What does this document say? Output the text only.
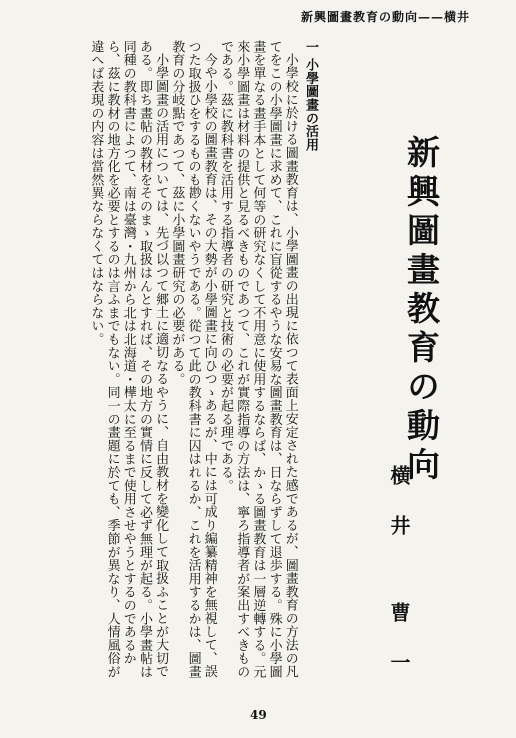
新興圖畫教育の動向——横井
一 小學圖畫の活用

小學校に於ける圖畫教育は、小學圖畫の出現に依つて表面上安定された感であるが、圖畫教育の方法の凡てをこの小學圖畫に求めて、これに盲從するやうな安易な圖畫教育は、日ならずして退歩する。殊に小學圖畫を單なる畫手本として何等の研究なくして不用意に使用するならば、かゝる圖畫教育は一層逆轉する。元來小學圖畫は材料の提供と見るべきものであつて、これが實際指導の方法は、寧ろ指導者が案出すべきものである。茲に教科書を活用する指導者の研究と技術の必要が起る理である。

今や小學校の圖畫教育は、その大勢が小學圖畫に向ひつゝあるが、中には可成り編纂精神を無視して、誤つた取扱ひをするものも尠くないやうである。從つて此の教科書に囚はれるか、これを活用するかは、圖畫教育の分岐點であつて、茲に小學圖畫研究の必要がある。

小學圖畫の活用については、先づ以つて郷土に適切なるやうに、自由教材を變化して取扱ふことが大切である。即ち畫帖の教材をそのまゝ取扱はんとすれば、その地方の實情に反して必ず無理が起る。小學畫帖は同種の教科書によつて、南は臺灣・九州から北は北海道・樺太に至るまで使用させやうとするのであるから、茲に教材の地方化を必要とするのは言ふまでもない。同一の畫題に於ても、季節が異なり、人情風俗が違へば表現の内容は當然異ならなくてはならない。	新興圖畫教育の動向
横井 曹一
49
